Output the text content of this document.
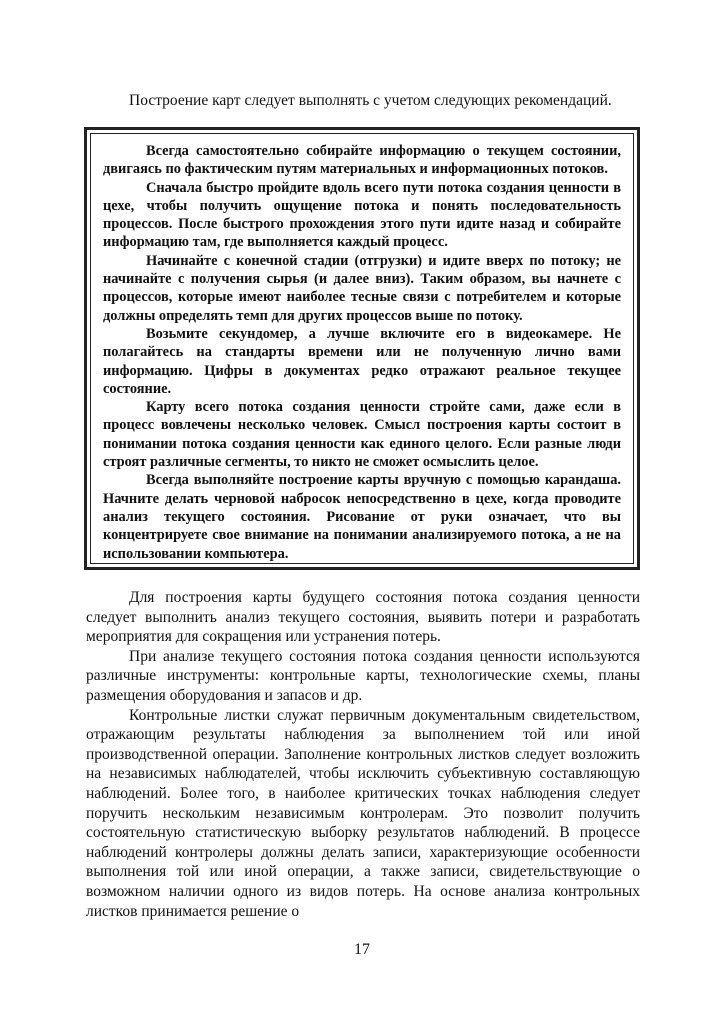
Построение карт следует выполнять с учетом следующих рекомендаций.

Всегда самостоятельно собирайте информацию о текущем состоянии, двигаясь по фактическим путям материальных и информационных потоков.

Сначала быстро пройдите вдоль всего пути потока создания ценности в цехе, чтобы получить ощущение потока и понять последовательность процессов. После быстрого прохождения этого пути идите назад и собирайте информацию там, где выполняется каждый процесс.

Начинайте с конечной стадии (отгрузки) и идите вверх по потоку; не начинайте с получения сырья (и далее вниз). Таким образом, вы начнете с процессов, которые имеют наиболее тесные связи с потребителем и которые должны определять темп для других процессов выше по потоку.

Возьмите секундомер, а лучше включите его в видеокамере. Не полагайтесь на стандарты времени или не полученную лично вами информацию. Цифры в документах редко отражают реальное текущее состояние.

Карту всего потока создания ценности стройте сами, даже если в процесс вовлечены несколько человек. Смысл построения карты состоит в понимании потока создания ценности как единого целого. Если разные люди строят различные сегменты, то никто не сможет осмыслить целое.

Всегда выполняйте построение карты вручную с помощью карандаша. Начните делать черновой набросок непосредственно в цехе, когда проводите анализ текущего состояния. Рисование от руки означает, что вы концентрируете свое внимание на понимании анализируемого потока, а не на использовании компьютера.

Для построения карты будущего состояния потока создания ценности следует выполнить анализ текущего состояния, выявить потери и разработать мероприятия для сокращения или устранения потерь.

При анализе текущего состояния потока создания ценности используются различные инструменты: контрольные карты, технологические схемы, планы размещения оборудования и запасов и др.

Контрольные листки служат первичным документальным свидетельством, отражающим результаты наблюдения за выполнением той или иной производственной операции. Заполнение контрольных листков следует возложить на независимых наблюдателей, чтобы исключить субъективную составляющую наблюдений. Более того, в наиболее критических точках наблюдения следует поручить нескольким независимым контролерам. Это позволит получить состоятельную статистическую выборку результатов наблюдений. В процессе наблюдений контролеры должны делать записи, характеризующие особенности выполнения той или иной операции, а также записи, свидетельствующие о возможном наличии одного из видов потерь. На основе анализа контрольных листков принимается решение о

17
